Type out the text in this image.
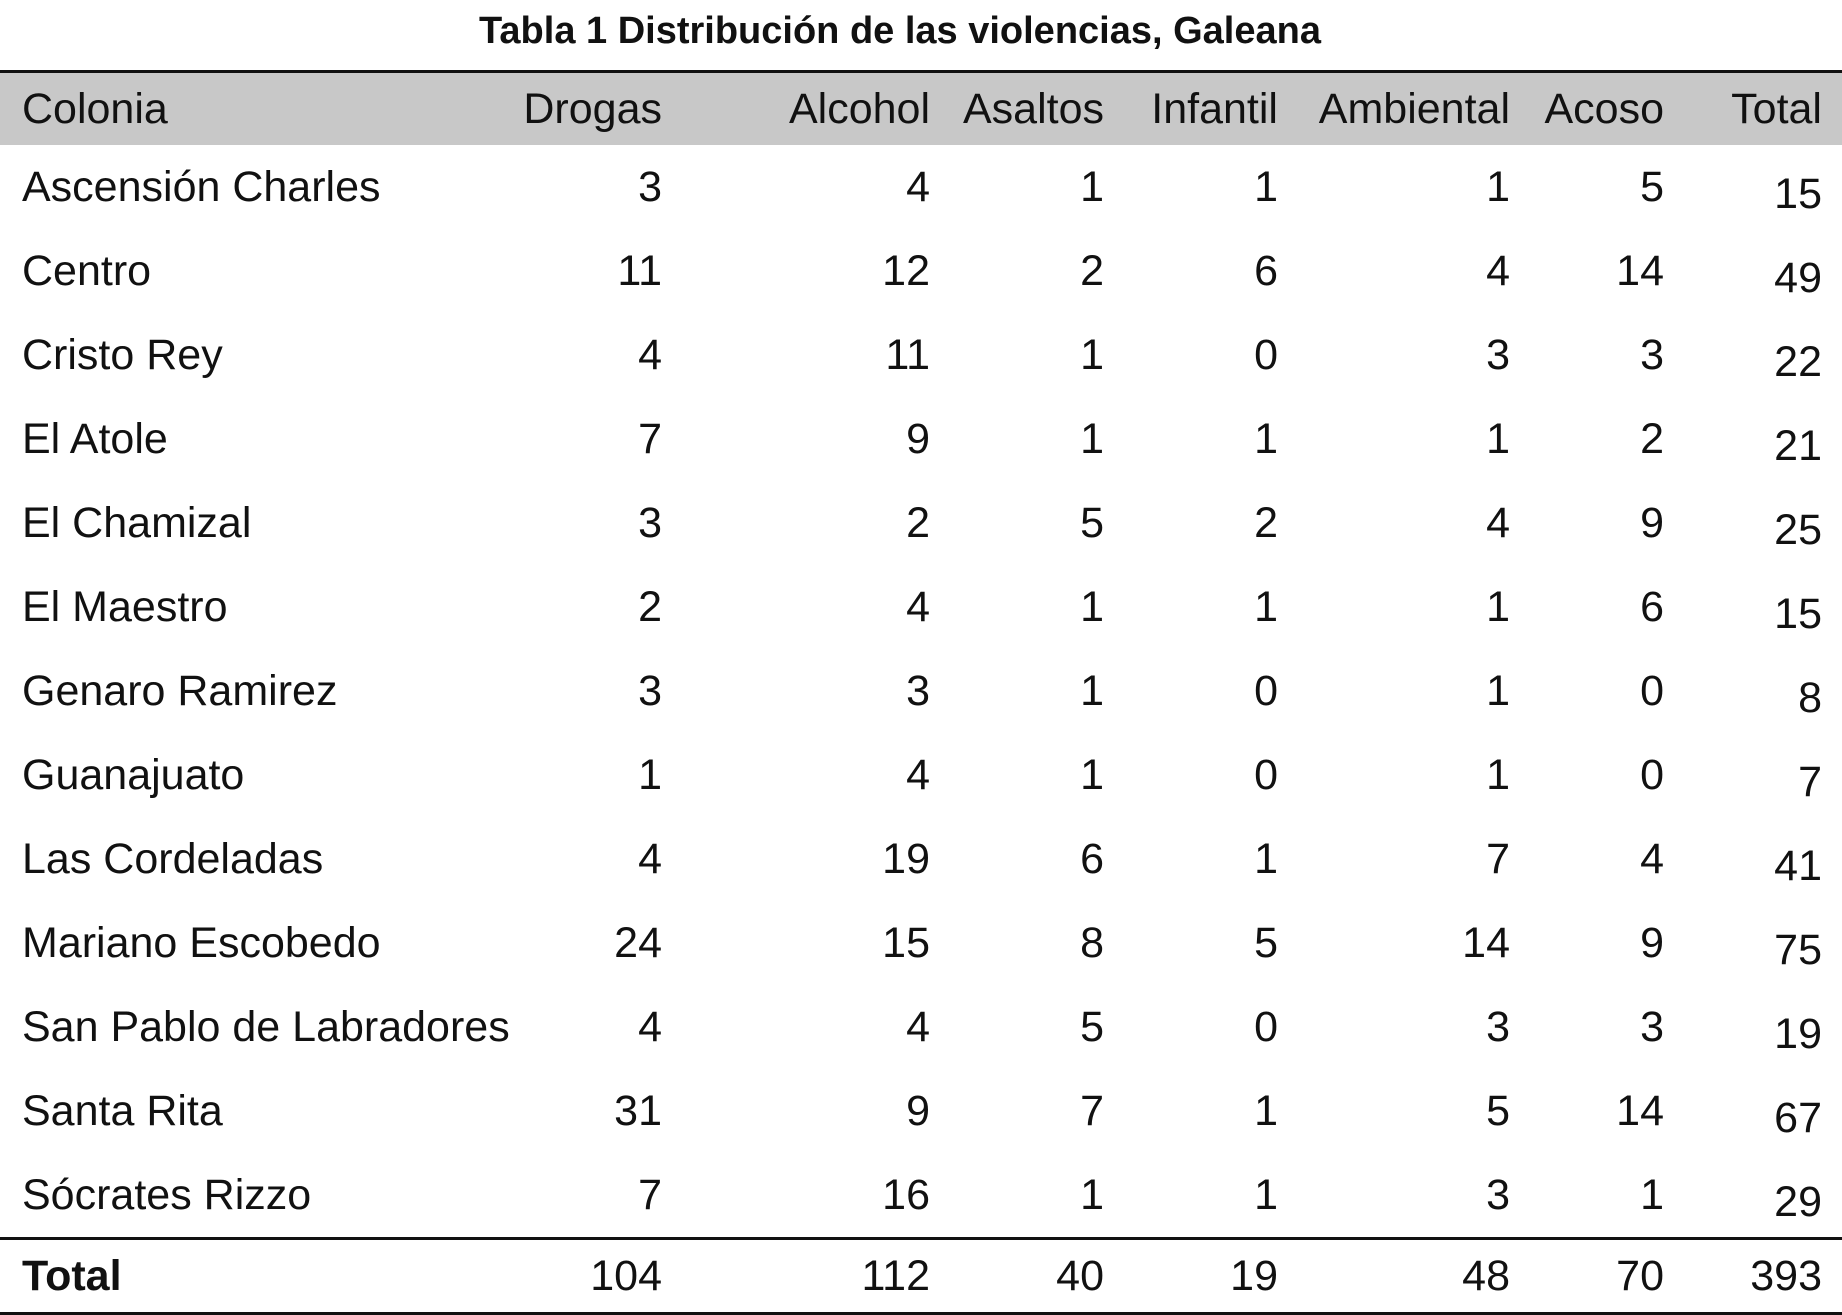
Tabla 1 Distribución de las violencias, Galeana
Colonia	Drogas	Alcohol	Asaltos	Infantil	Ambiental	Acoso	Total
Ascensión Charles	3	4	1	1	1	5	15
Centro	11	12	2	6	4	14	49
Cristo Rey	4	11	1	0	3	3	22
El Atole	7	9	1	1	1	2	21
El Chamizal	3	2	5	2	4	9	25
El Maestro	2	4	1	1	1	6	15
Genaro Ramirez	3	3	1	0	1	0	8
Guanajuato	1	4	1	0	1	0	7
Las Cordeladas	4	19	6	1	7	4	41
Mariano Escobedo	24	15	8	5	14	9	75
San Pablo de Labradores	4	4	5	0	3	3	19
Santa Rita	31	9	7	1	5	14	67
Sócrates Rizzo	7	16	1	1	3	1	29
Total	104	112	40	19	48	70	393
